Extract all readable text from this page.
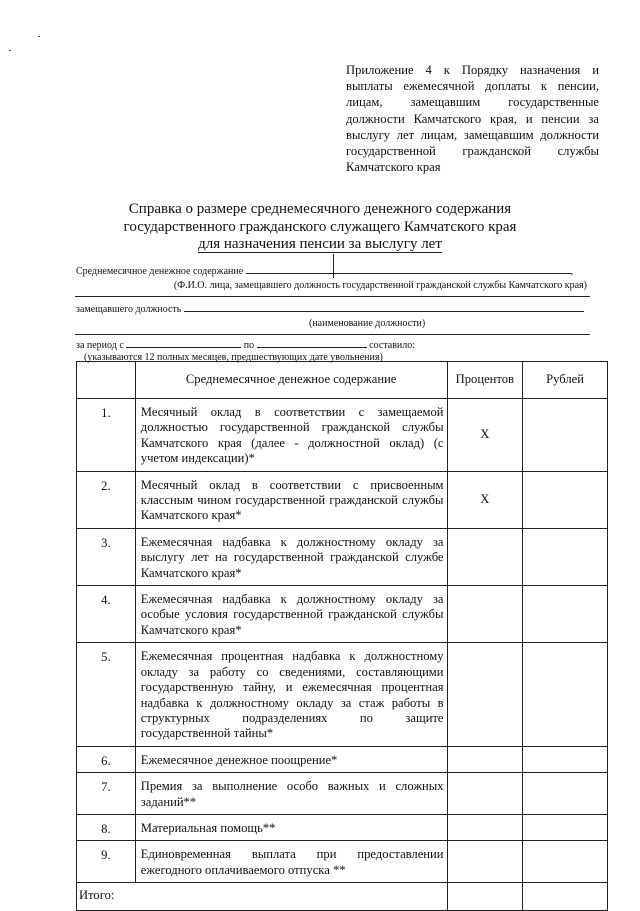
Приложение 4 к Порядку назначения и
выплаты ежемесячной доплаты к пенсии,
лицам, замещавшим государственные
должности Камчатского края, и пенсии за
выслугу лет лицам, замещавшим должности
государственной гражданской службы
Камчатского края
Справка о размере среднемесячного денежного содержания
государственного гражданского служащего Камчатского края
для назначения пенсии за выслугу лет
Среднемесячное денежное содержание	,
(Ф.И.О. лица, замещавшего должность государственной гражданской службы Камчатского края)
замещавшего должность
(наименование должности)
за период с	по	составило:
(указываются 12 полных месяцев, предшествующих дате увольнения)
	Среднемесячное денежное содержание	Процентов	Рублей
1.	Месячный оклад в соответствии с замещаемой должностью государственной гражданской службы Камчатского края (далее - должностной оклад) (с учетом индексации)*	X	
2.	Месячный оклад в соответствии с присвоенным классным чином государственной гражданской службы Камчатского края*	X	
3.	Ежемесячная надбавка к должностному окладу за выслугу лет на государственной гражданской службе Камчатского края*		
4.	Ежемесячная надбавка к должностному окладу за особые условия государственной гражданской службы Камчатского края*		
5.	Ежемесячная процентная надбавка к должностному окладу за работу со сведениями, составляющими государственную тайну, и ежемесячная процентная надбавка к должностному окладу за стаж работы в структурных подразделениях по защите государственной тайны*		
6.	Ежемесячное денежное поощрение*		
7.	Премия за выполнение особо важных и сложных заданий**		
8.	Материальная помощь**		
9.	Единовременная выплата при предоставлении ежегодного оплачиваемого отпуска **		
Итого:			
